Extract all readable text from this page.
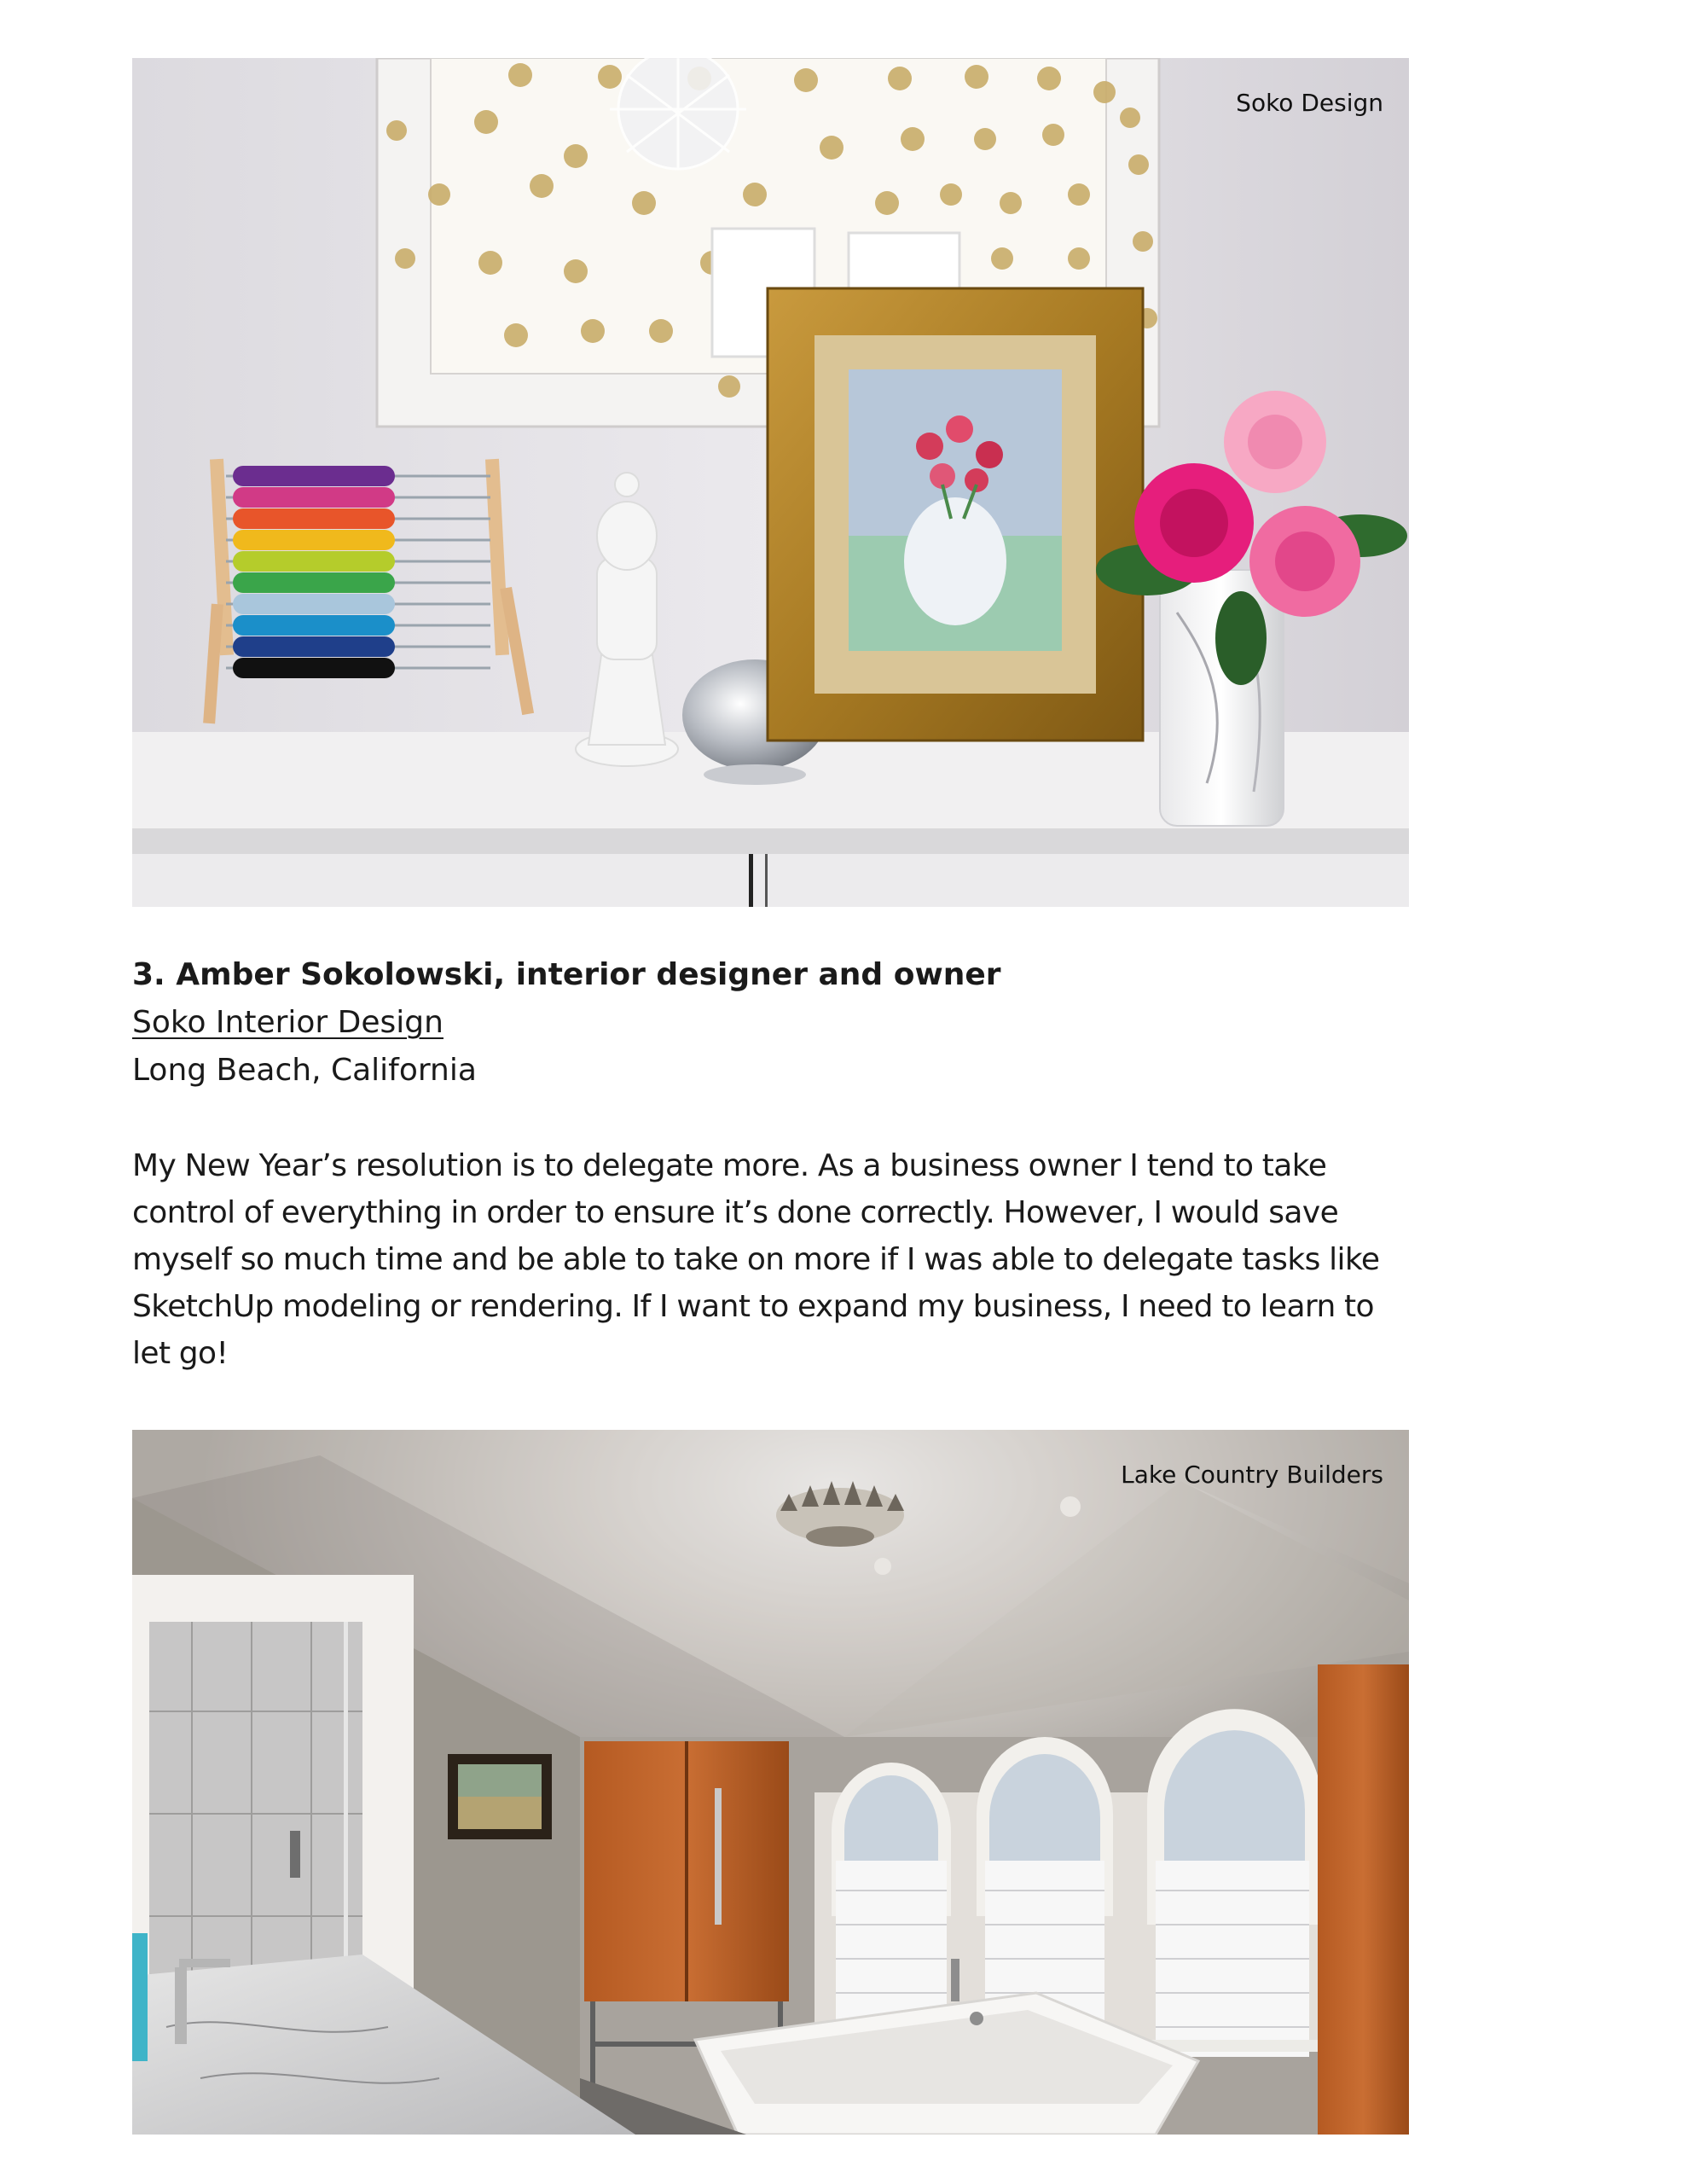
Soko Design
3. Amber Sokolowski, interior designer and owner
Soko Interior Design
Long Beach, California

My New Year’s resolution is to delegate more. As a business owner I tend to take control of everything in order to ensure it’s done correctly. However, I would save myself so much time and be able to take on more if I was able to delegate tasks like SketchUp modeling or rendering. If I want to expand my business, I need to learn to let go!

Lake Country Builders
